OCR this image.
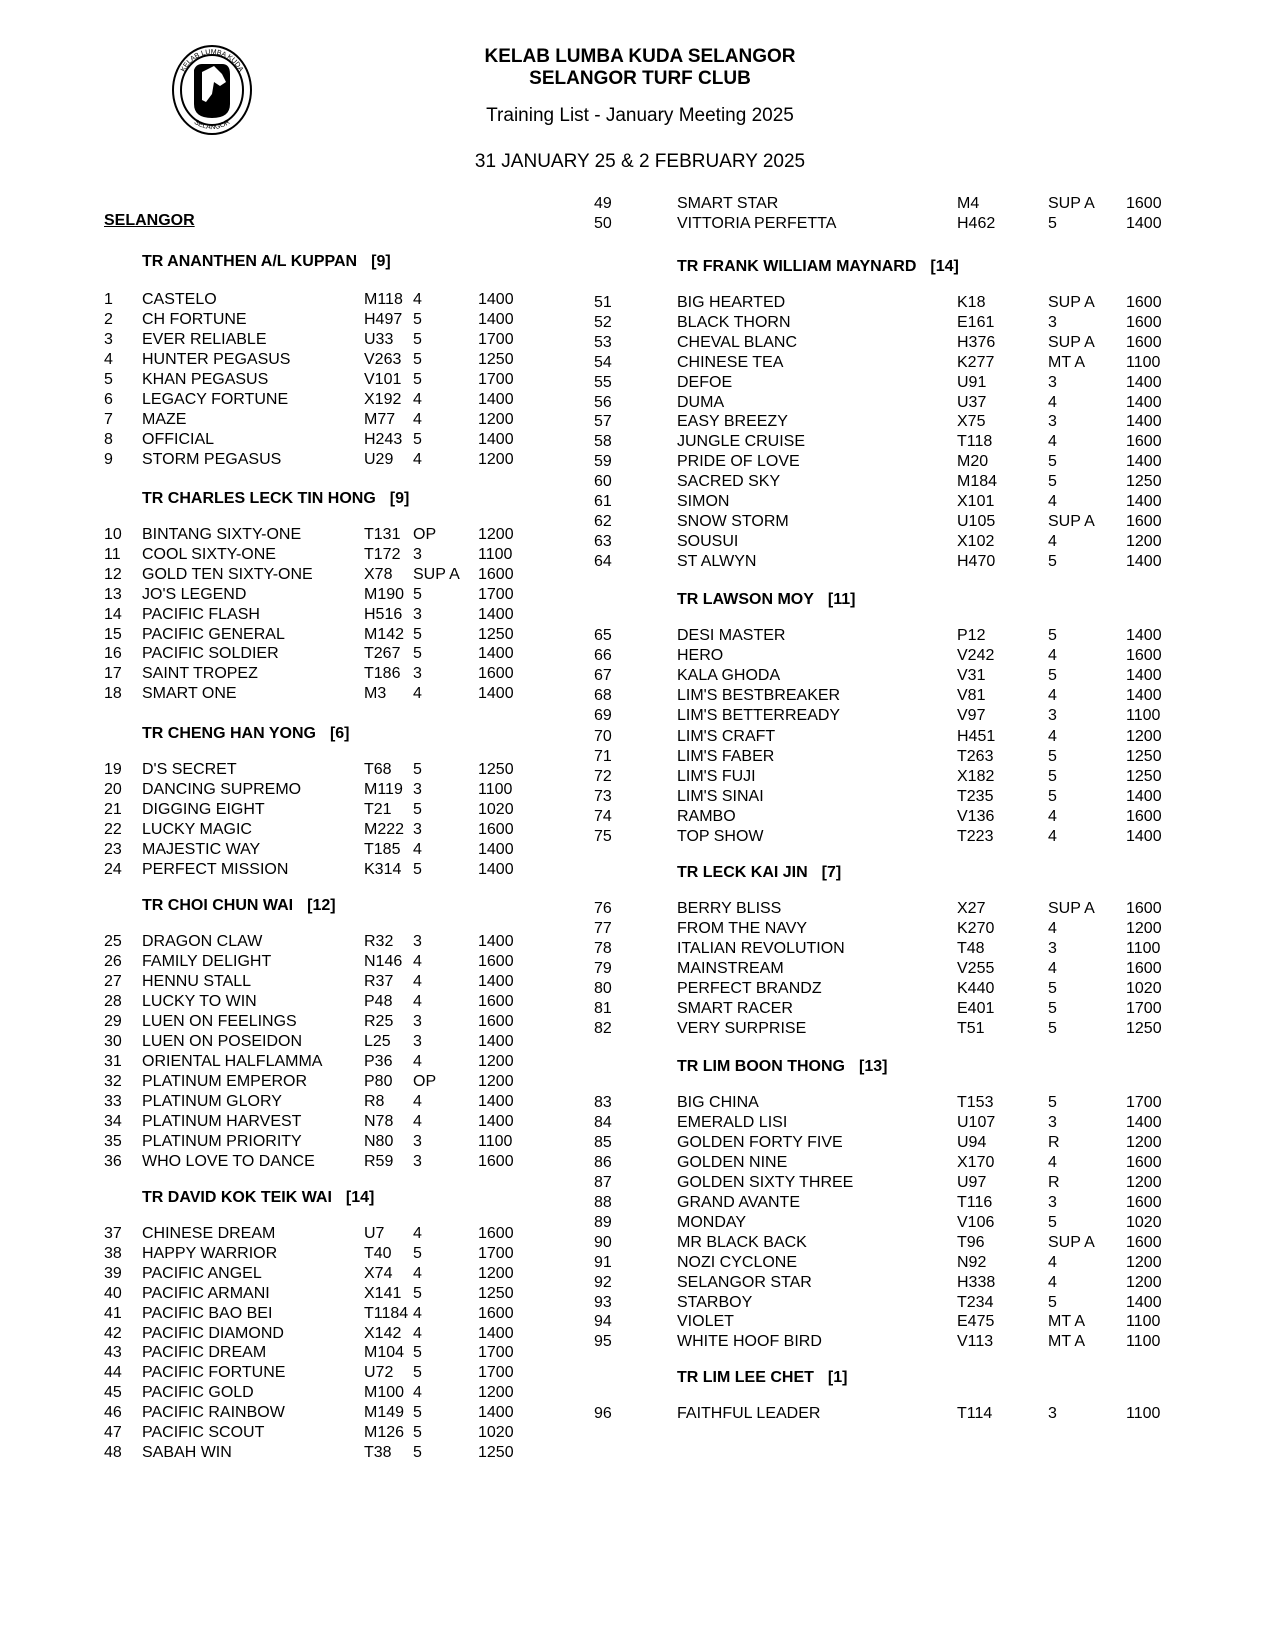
KELAB LUMBA KUDA
SELANGOR
KELAB LUMBA KUDA SELANGOR
SELANGOR TURF CLUB
Training List - January Meeting 2025
31 JANUARY 25 & 2 FEBRUARY 2025
SELANGOR
TR ANANTHEN A/L KUPPAN [9]
1 CASTELO	M118 4	1400
2 CH FORTUNE	H497 5	1400
3 EVER RELIABLE	U33 5	1700
4 HUNTER PEGASUS	V263 5	1250
5 KHAN PEGASUS	V101 5	1700
6 LEGACY FORTUNE	X192 4	1400
7 MAZE	M77 4	1200
8 OFFICIAL	H243 5	1400
9 STORM PEGASUS	U29 4	1200
TR CHARLES LECK TIN HONG [9]
10 BINTANG SIXTY-ONE	T131 OP	1200
11 COOL SIXTY-ONE	T172 3	1100
12 GOLD TEN SIXTY-ONE	X78 SUP A 1600
13 JO'S LEGEND	M190 5	1700
14 PACIFIC FLASH	H516 3	1400
15 PACIFIC GENERAL	M142 5	1250
16 PACIFIC SOLDIER	T267 5	1400
17 SAINT TROPEZ	T186 3	1600
18 SMART ONE	M3 4	1400
TR CHENG HAN YONG [6]
19 D'S SECRET	T68 5	1250
20 DANCING SUPREMO	M119 3	1100
21 DIGGING EIGHT	T21 5	1020
22 LUCKY MAGIC	M222 3	1600
23 MAJESTIC WAY	T185 4	1400
24 PERFECT MISSION	K314 5	1400
TR CHOI CHUN WAI [12]
25 DRAGON CLAW	R32 3	1400
26 FAMILY DELIGHT	N146 4	1600
27 HENNU STALL	R37 4	1400
28 LUCKY TO WIN	P48 4	1600
29 LUEN ON FEELINGS	R25 3	1600
30 LUEN ON POSEIDON	L25 3	1400
31 ORIENTAL HALFLAMMA	P36 4	1200
32 PLATINUM EMPEROR	P80 OP	1200
33 PLATINUM GLORY	R8 4	1400
34 PLATINUM HARVEST	N78 4	1400
35 PLATINUM PRIORITY	N80 3	1100
36 WHO LOVE TO DANCE	R59 3	1600
TR DAVID KOK TEIK WAI [14]
37 CHINESE DREAM	U7 4	1600
38 HAPPY WARRIOR	T40 5	1700
39 PACIFIC ANGEL	X74 4	1200
40 PACIFIC ARMANI	X141 5	1250
41 PACIFIC BAO BEI	T1184 4	1600
42 PACIFIC DIAMOND	X142 4	1400
43 PACIFIC DREAM	M104 5	1700
44 PACIFIC FORTUNE	U72 5	1700
45 PACIFIC GOLD	M100 4	1200
46 PACIFIC RAINBOW	M149 5	1400
47 PACIFIC SCOUT	M126 5	1020
48 SABAH WIN	T38 5	1250
49	SMART STAR	M4	SUP A 1600
50	VITTORIA PERFETTA	H462	5	1400
TR FRANK WILLIAM MAYNARD [14]
51	BIG HEARTED	K18	SUP A 1600
52	BLACK THORN	E161	3	1600
53	CHEVAL BLANC	H376	SUP A 1600
54	CHINESE TEA	K277	MT A	1100
55	DEFOE	U91	3	1400
56	DUMA	U37	4	1400
57	EASY BREEZY	X75	3	1400
58	JUNGLE CRUISE	T118	4	1600
59	PRIDE OF LOVE	M20	5	1400
60	SACRED SKY	M184	5	1250
61	SIMON	X101	4	1400
62	SNOW STORM	U105	SUP A 1600
63	SOUSUI	X102	4	1200
64	ST ALWYN	H470	5	1400
TR LAWSON MOY [11]
65	DESI MASTER	P12	5	1400
66	HERO	V242	4	1600
67	KALA GHODA	V31	5	1400
68	LIM'S BESTBREAKER	V81	4	1400
69	LIM'S BETTERREADY	V97	3	1100
70	LIM'S CRAFT	H451	4	1200
71	LIM'S FABER	T263	5	1250
72	LIM'S FUJI	X182	5	1250
73	LIM'S SINAI	T235	5	1400
74	RAMBO	V136	4	1600
75	TOP SHOW	T223	4	1400
TR LECK KAI JIN [7]
76	BERRY BLISS	X27	SUP A 1600
77	FROM THE NAVY	K270	4	1200
78	ITALIAN REVOLUTION	T48	3	1100
79	MAINSTREAM	V255	4	1600
80	PERFECT BRANDZ	K440	5	1020
81	SMART RACER	E401	5	1700
82	VERY SURPRISE	T51	5	1250
TR LIM BOON THONG [13]
83	BIG CHINA	T153	5	1700
84	EMERALD LISI	U107	3	1400
85	GOLDEN FORTY FIVE	U94	R	1200
86	GOLDEN NINE	X170	4	1600
87	GOLDEN SIXTY THREE	U97	R	1200
88	GRAND AVANTE	T116	3	1600
89	MONDAY	V106	5	1020
90	MR BLACK BACK	T96	SUP A 1600
91	NOZI CYCLONE	N92	4	1200
92	SELANGOR STAR	H338	4	1200
93	STARBOY	T234	5	1400
94	VIOLET	E475	MT A	1100
95	WHITE HOOF BIRD	V113	MT A	1100
TR LIM LEE CHET [1]
96	FAITHFUL LEADER	T114	3	1100
